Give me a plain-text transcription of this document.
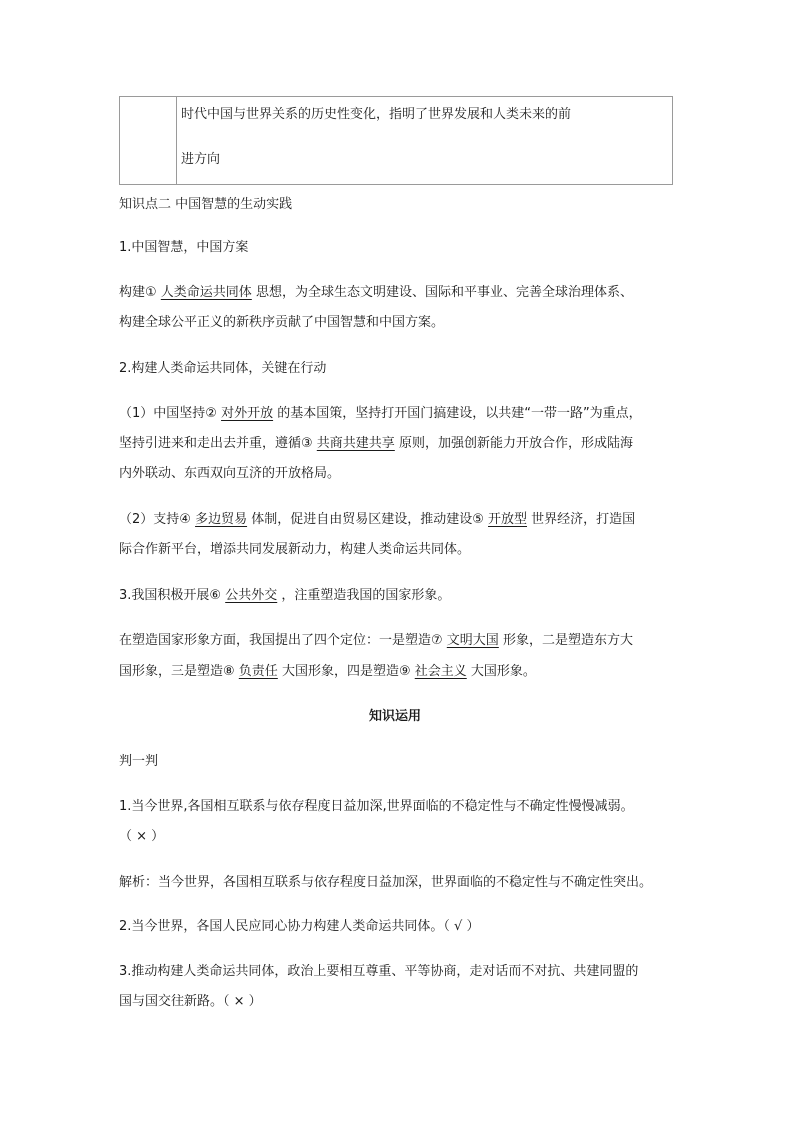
时代中国与世界关系的历史性变化，指明了世界发展和人类未来的前
进方向
知识点二 中国智慧的生动实践
1.中国智慧，中国方案
构建① 人类命运共同体 思想，为全球生态文明建设、国际和平事业、完善全球治理体系、
构建全球公平正义的新秩序贡献了中国智慧和中国方案。
2.构建人类命运共同体，关键在行动
（1）中国坚持② 对外开放 的基本国策，坚持打开国门搞建设，以共建“一带一路”为重点，
坚持引进来和走出去并重，遵循③ 共商共建共享 原则，加强创新能力开放合作，形成陆海
内外联动、东西双向互济的开放格局。
（2）支持④ 多边贸易 体制，促进自由贸易区建设，推动建设⑤ 开放型 世界经济，打造国
际合作新平台，增添共同发展新动力，构建人类命运共同体。
3.我国积极开展⑥ 公共外交 ，注重塑造我国的国家形象。
在塑造国家形象方面，我国提出了四个定位：一是塑造⑦ 文明大国 形象，二是塑造东方大
国形象，三是塑造⑧ 负责任 大国形象，四是塑造⑨ 社会主义 大国形象。
知识运用
判一判
1.当今世界,各国相互联系与依存程度日益加深,世界面临的不稳定性与不确定性慢慢减弱。
（ × ）
解析：当今世界，各国相互联系与依存程度日益加深，世界面临的不稳定性与不确定性突出。
2.当今世界，各国人民应同心协力构建人类命运共同体。（ √ ）
3.推动构建人类命运共同体，政治上要相互尊重、平等协商，走对话而不对抗、共建同盟的
国与国交往新路。（ × ）
